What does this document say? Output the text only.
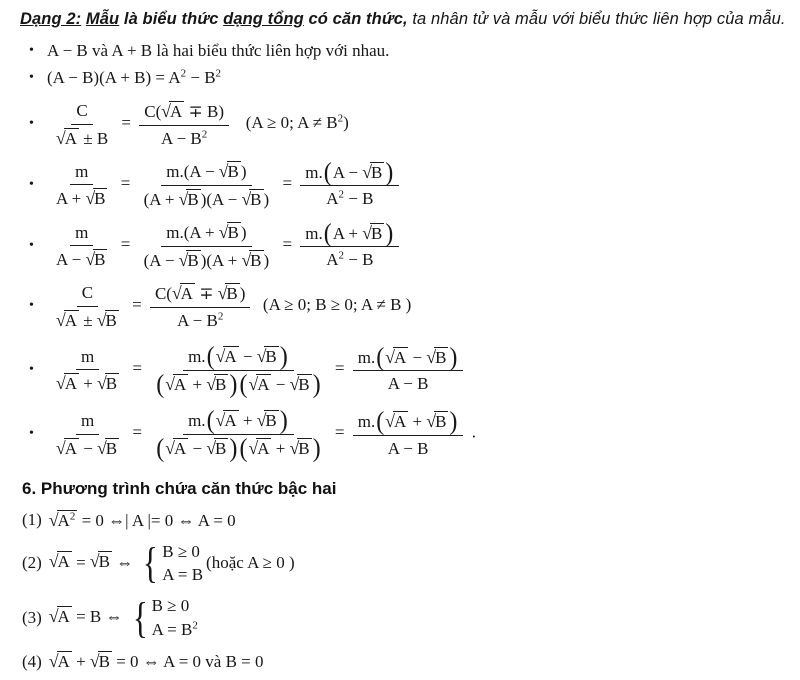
Dạng 2: Mẫu là biểu thức dạng tổng có căn thức, ta nhân tử và mẫu với biểu thức liên hợp của mẫu.

• A − B và A + B là hai biểu thức liên hợp với nhau.
• $(A - B)(A + B) = A^2 - B^2$
•	$\frac{C}{√A \pm B} = \frac{C(√A \mp B)}{A - B^2} (A \ge 0$; $A \ne B^2$)
•	$\frac{m}{A + √B} = \frac{m.(A - √B )}{(A + √B )(A - √B )} = \frac{m.(A - √B )}{A^2 - B}$
•	$\frac{m}{A - √B} = \frac{m.(A + √B )}{(A - √B )(A + √B )} = \frac{m.(A + √B )}{A^2 - B}$
•	$\frac{C}{√A \pm √B} = \frac{C(√A \mp √B )}{A - B^2} (A \ge 0$; B ≥ 0; A ≠ B )
•	$\frac{m}{√A + √B} = \frac{m.(√A - √B )}{(√A + √B )(√A - √B )} = \frac{m.(√A - √B )}{A - B}$
•	$\frac{m}{√A - √B} = \frac{m.(√A + √B )}{(√A - √B )(√A + √B )} = \frac{m.(√A + √B )}{A - B}$ .
6. Phương trình chứa căn thức bậc hai
(1) $√A^2 = 0$ ⇔| A |= 0 ⇔ A = 0
(2) √A = √B ⇔ { B ≥ 0
A = B
(hoặc A ≥ 0 )
(3) √A = B ⇔ { B ≥ 0
$A = B^2$
(4) √A + √B = 0 ⇔ A = 0 và B = 0
